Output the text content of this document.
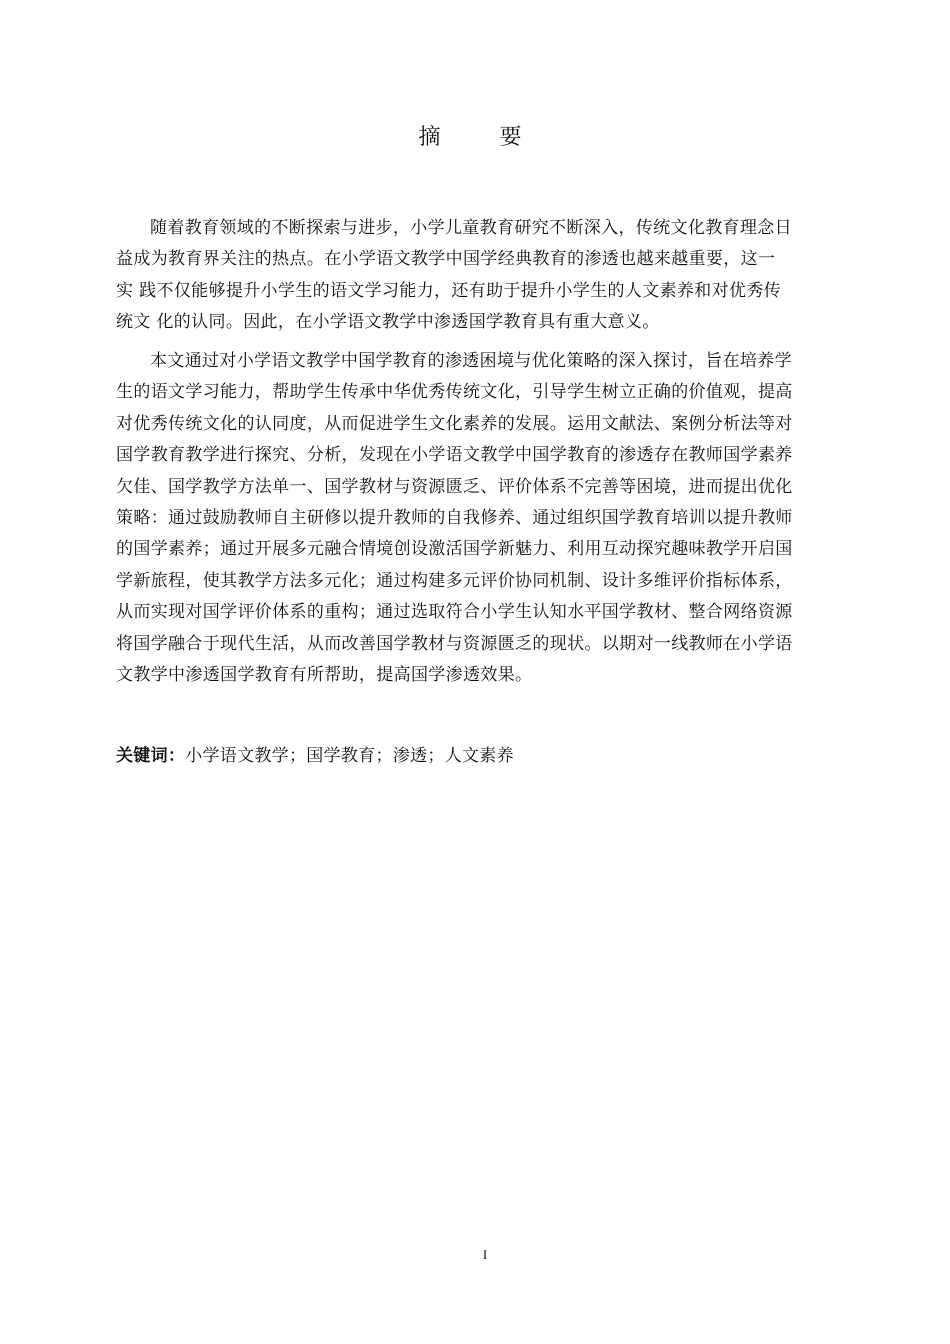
摘 要
随着教育领域的不断探索与进步，小学儿童教育研究不断深入，传统文化教育理念日
益成为教育界关注的热点。在小学语文教学中国学经典教育的渗透也越来越重要，这一
实 践不仅能够提升小学生的语文学习能力，还有助于提升小学生的人文素养和对优秀传
统文 化的认同。因此，在小学语文教学中渗透国学教育具有重大意义。
本文通过对小学语文教学中国学教育的渗透困境与优化策略的深入探讨，旨在培养学
生的语文学习能力，帮助学生传承中华优秀传统文化，引导学生树立正确的价值观，提高
对优秀传统文化的认同度，从而促进学生文化素养的发展。运用文献法、案例分析法等对
国学教育教学进行探究、分析，发现在小学语文教学中国学教育的渗透存在教师国学素养
欠佳、国学教学方法单一、国学教材与资源匮乏、评价体系不完善等困境，进而提出优化
策略：通过鼓励教师自主研修以提升教师的自我修养、通过组织国学教育培训以提升教师
的国学素养；通过开展多元融合情境创设激活国学新魅力、利用互动探究趣味教学开启国
学新旅程，使其教学方法多元化；通过构建多元评价协同机制、设计多维评价指标体系，
从而实现对国学评价体系的重构；通过选取符合小学生认知水平国学教材、整合网络资源
将国学融合于现代生活，从而改善国学教材与资源匮乏的现状。以期对一线教师在小学语
文教学中渗透国学教育有所帮助，提高国学渗透效果。
关键词：小学语文教学；国学教育；渗透；人文素养
I
